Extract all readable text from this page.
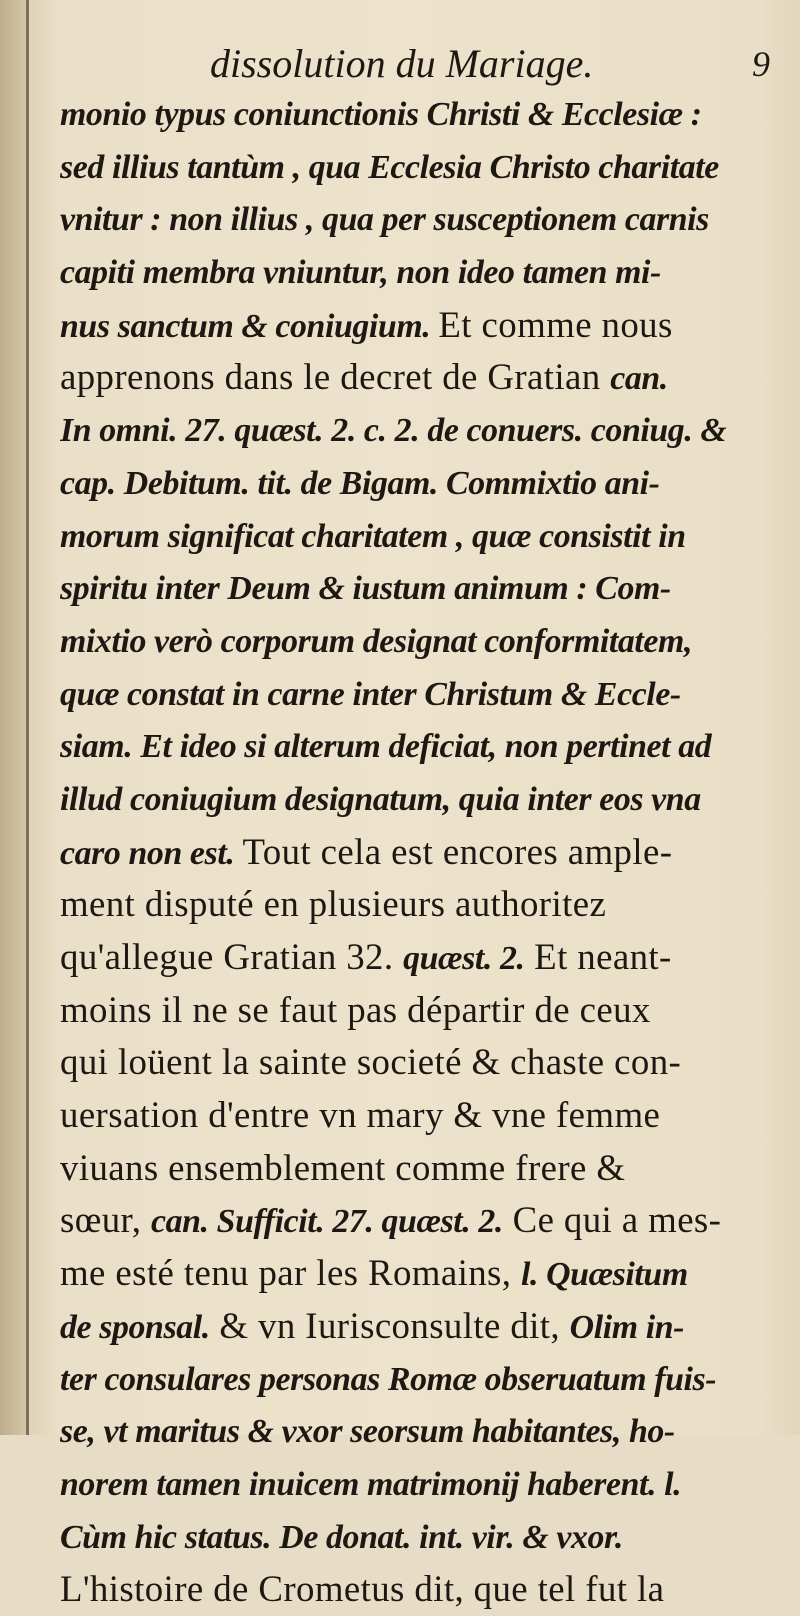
dissolution du Mariage.	9
monio typus coniunctionis Christi & Ecclesiæ :
sed illius tantùm , qua Ecclesia Christo charitate
vnitur : non illius , qua per susceptionem carnis
capiti membra vniuntur, non ideo tamen mi-
nus sanctum & coniugium. Et comme nous
apprenons dans le decret de Gratian can.
In omni. 27. quæst. 2. c. 2. de conuers. coniug. &
cap. Debitum. tit. de Bigam. Commixtio ani-
morum significat charitatem , quæ consistit in
spiritu inter Deum & iustum animum : Com-
mixtio verò corporum designat conformitatem,
quæ constat in carne inter Christum & Eccle-
siam. Et ideo si alterum deficiat, non pertinet ad
illud coniugium designatum, quia inter eos vna
caro non est. Tout cela est encores ample-
ment disputé en plusieurs authoritez
qu'allegue Gratian 32. quæst. 2. Et neant-
moins il ne se faut pas départir de ceux
qui loüent la sainte societé & chaste con-
uersation d'entre vn mary & vne femme
viuans ensemblement comme frere &
sœur, can. Sufficit. 27. quæst. 2. Ce qui a mes-
me esté tenu par les Romains, l. Quæsitum
de sponsal. & vn Iurisconsulte dit, Olim in-
ter consulares personas Romæ obseruatum fuis-
se, vt maritus & vxor seorsum habitantes, ho-
norem tamen inuicem matrimonij haberent. l.
Cùm hic status. De donat. int. vir. & vxor.
L'histoire de Crometus dit, que tel fut la
